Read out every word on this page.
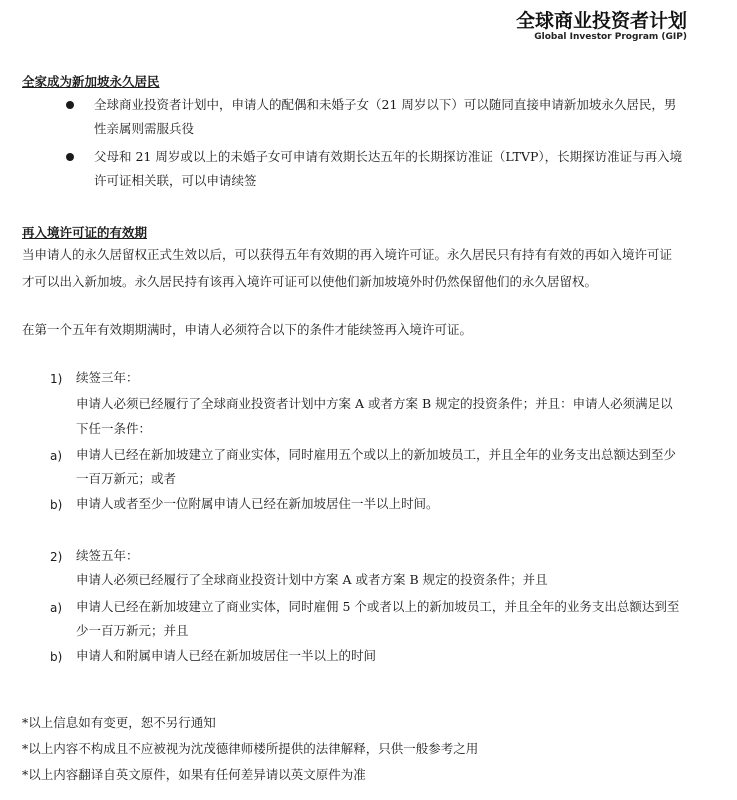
全球商业投资者计划
Global Investor Program (GIP)
全家成为新加坡永久居民
全球商业投资者计划中，申请人的配偶和未婚子女（21 周岁以下）可以随同直接申请新加坡永久居民，男
性亲属则需服兵役
父母和 21 周岁或以上的未婚子女可申请有效期长达五年的长期探访准证（LTVP），长期探访准证与再入境
许可证相关联，可以申请续签
再入境许可证的有效期
当申请人的永久居留权正式生效以后，可以获得五年有效期的再入境许可证。永久居民只有持有有效的再如入境许可证
才可以出入新加坡。永久居民持有该再入境许可证可以使他们新加坡境外时仍然保留他们的永久居留权。
在第一个五年有效期期满时，申请人必须符合以下的条件才能续签再入境许可证。
1) 续签三年：
申请人必须已经履行了全球商业投资者计划中方案 A 或者方案 B 规定的投资条件；并且：申请人必须满足以
下任一条件：
a) 申请人已经在新加坡建立了商业实体，同时雇用五个或以上的新加坡员工，并且全年的业务支出总额达到至少
一百万新元；或者
b) 申请人或者至少一位附属申请人已经在新加坡居住一半以上时间。
2) 续签五年：
申请人必须已经履行了全球商业投资计划中方案 A 或者方案 B 规定的投资条件；并且
a) 申请人已经在新加坡建立了商业实体，同时雇佣 5 个或者以上的新加坡员工，并且全年的业务支出总额达到至
少一百万新元；并且
b) 申请人和附属申请人已经在新加坡居住一半以上的时间
*以上信息如有变更，恕不另行通知
*以上内容不构成且不应被视为沈茂德律师楼所提供的法律解释，只供一般参考之用
*以上内容翻译自英文原件，如果有任何差异请以英文原件为准
